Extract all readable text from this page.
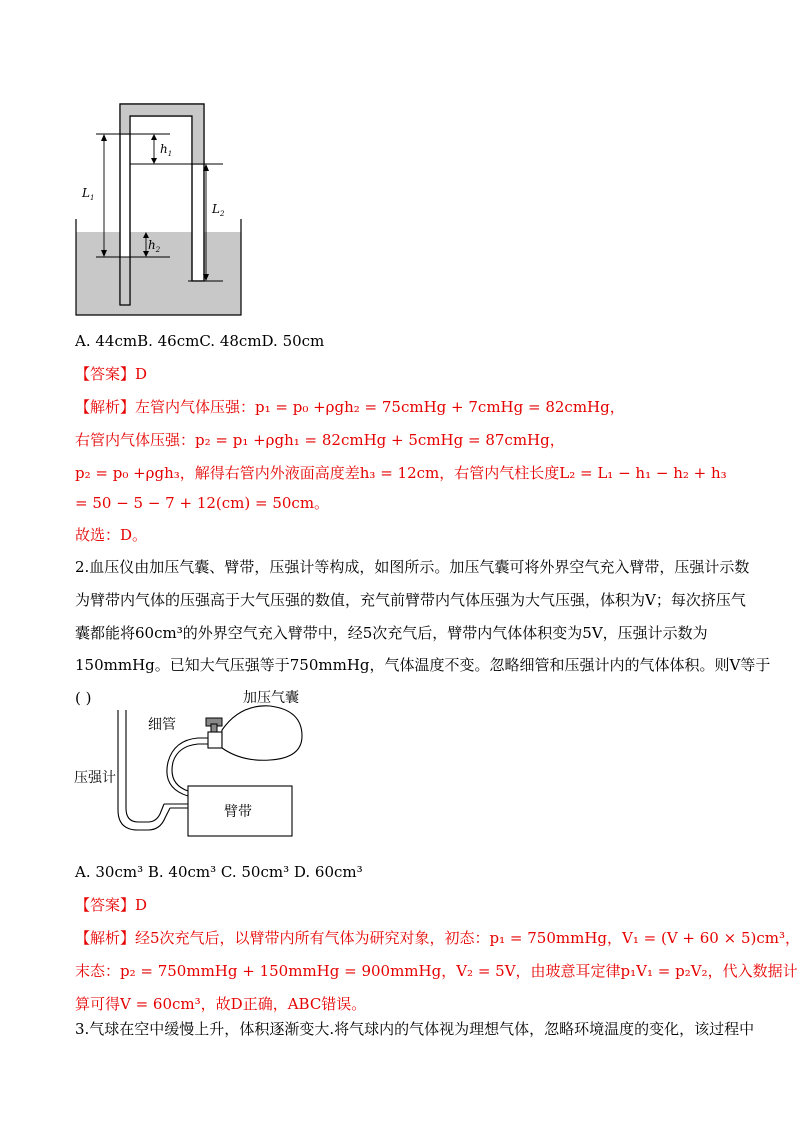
$h_1$
$L_1$
$h_2$
$L_2$
A. 44cmB. 46cmC. 48cmD. 50cm
【答案】D
【解析】左管内气体压强：p₁ = p₀ +ρgh₂ = 75cmHg + 7cmHg = 82cmHg，
右管内气体压强：p₂ = p₁ +ρgh₁ = 82cmHg + 5cmHg = 87cmHg，
p₂ = p₀ +ρgh₃，解得右管内外液面高度差h₃ = 12cm，右管内气柱长度L₂ = L₁ − h₁ − h₂ + h₃
= 50 − 5 − 7 + 12(cm) = 50cm。
故选：D。
2.血压仪由加压气囊、臂带，压强计等构成，如图所示。加压气囊可将外界空气充入臂带，压强计示数
为臂带内气体的压强高于大气压强的数值，充气前臂带内气体压强为大气压强，体积为V；每次挤压气
囊都能将60cm³的外界空气充入臂带中，经5次充气后，臂带内气体体积变为5V，压强计示数为
150mmHg。已知大气压强等于750mmHg，气体温度不变。忽略细管和压强计内的气体体积。则V等于
( )	加压气囊
细管
压强计
臂带
A. 30cm³ B. 40cm³ C. 50cm³ D. 60cm³
【答案】D
【解析】经5次充气后，以臂带内所有气体为研究对象，初态：p₁ = 750mmHg，V₁ = (V + 60 × 5)cm³，
末态：p₂ = 750mmHg + 150mmHg = 900mmHg，V₂ = 5V，由玻意耳定律p₁V₁ = p₂V₂，代入数据计
算可得V = 60cm³，故D正确，ABC错误。
3.气球在空中缓慢上升，体积逐渐变大.将气球内的气体视为理想气体，忽略环境温度的变化，该过程中
